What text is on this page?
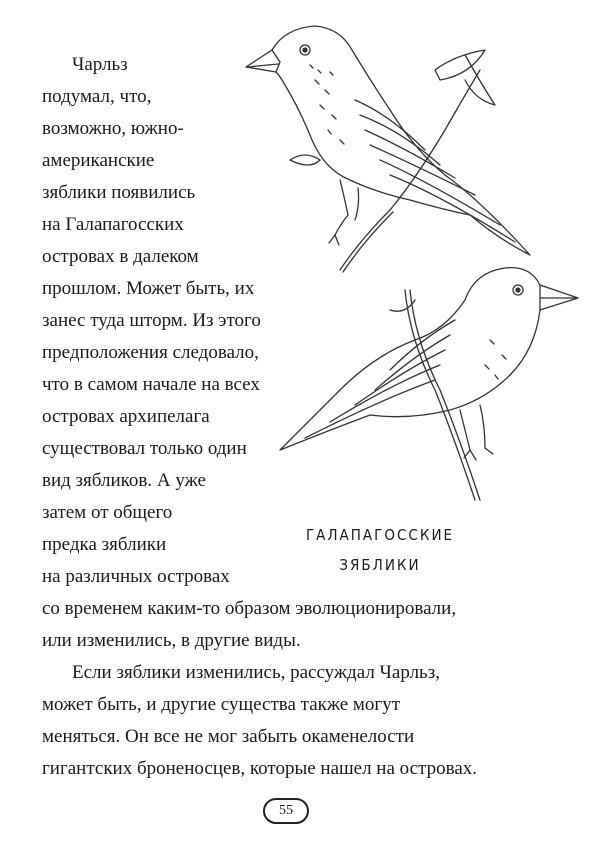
Чарльз
подумал, что,
возможно, южно-
американские
зяблики появились
на Галапагосских
островах в далеком
прошлом. Может быть, их
занес туда шторм. Из этого
предположения следовало,
что в самом начале на всех
островах архипелага
существовал только один
вид зябликов. А уже
затем от общего
предка зяблики
на различных островах
со временем каким-то образом эволюционировали,
или изменились, в другие виды.
Если зяблики изменились, рассуждал Чарльз,
может быть, и другие существа также могут
меняться. Он все не мог забыть окаменелости
гигантских броненосцев, которые нашел на островах.
ГАЛАПАГОССКИЕ
ЗЯБЛИКИ
55
